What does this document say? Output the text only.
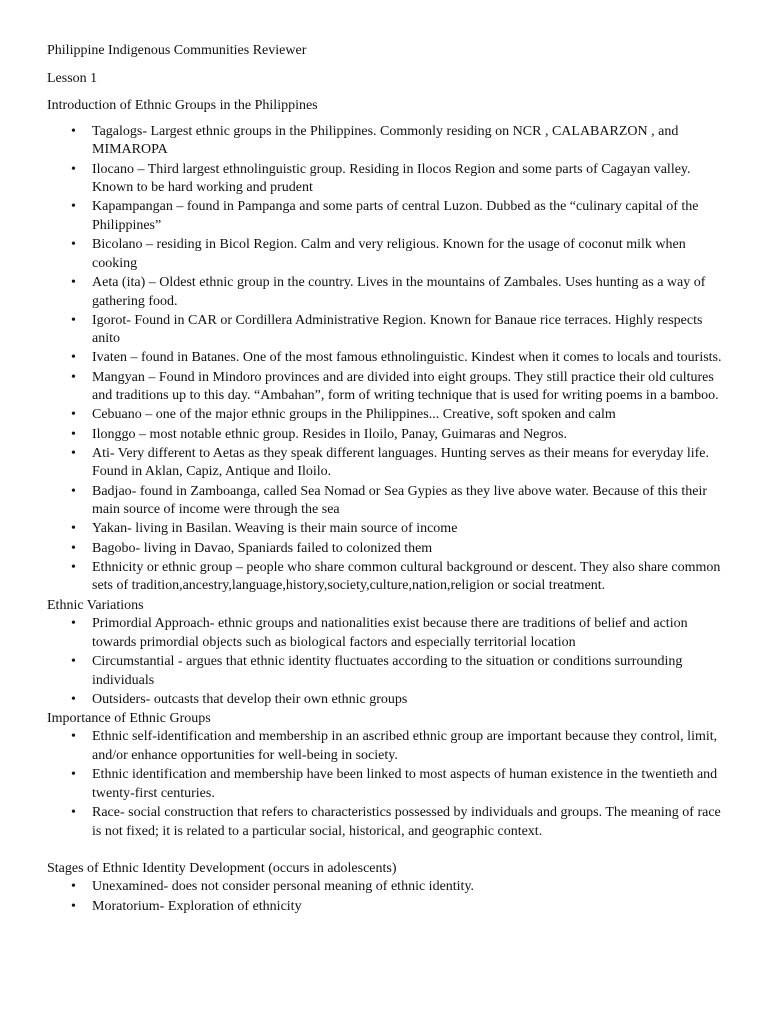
Philippine Indigenous Communities Reviewer

Lesson 1

Introduction of Ethnic Groups in the Philippines

• Tagalogs- Largest ethnic groups in the Philippines. Commonly residing on NCR , CALABARZON , and MIMAROPA
• Ilocano – Third largest ethnolinguistic group. Residing in Ilocos Region and some parts of Cagayan valley. Known to be hard working and prudent
• Kapampangan – found in Pampanga and some parts of central Luzon. Dubbed as the “culinary capital of the Philippines”
• Bicolano – residing in Bicol Region. Calm and very religious. Known for the usage of coconut milk when cooking
• Aeta (ita) – Oldest ethnic group in the country. Lives in the mountains of Zambales. Uses hunting as a way of gathering food.
• Igorot- Found in CAR or Cordillera Administrative Region. Known for Banaue rice terraces. Highly respects anito
• Ivaten – found in Batanes. One of the most famous ethnolinguistic. Kindest when it comes to locals and tourists.
• Mangyan – Found in Mindoro provinces and are divided into eight groups. They still practice their old cultures and traditions up to this day. “Ambahan”, form of writing technique that is used for writing poems in a bamboo.
• Cebuano – one of the major ethnic groups in the Philippines... Creative, soft spoken and calm
• Ilonggo – most notable ethnic group. Resides in Iloilo, Panay, Guimaras and Negros.
• Ati- Very different to Aetas as they speak different languages. Hunting serves as their means for everyday life. Found in Aklan, Capiz, Antique and Iloilo.
• Badjao- found in Zamboanga, called Sea Nomad or Sea Gypies as they live above water. Because of this their main source of income were through the sea
• Yakan- living in Basilan. Weaving is their main source of income
• Bagobo- living in Davao, Spaniards failed to colonized them
• Ethnicity or ethnic group – people who share common cultural background or descent. They also share common sets of tradition,ancestry,language,history,society,culture,nation,religion or social treatment.

Ethnic Variations

• Primordial Approach- ethnic groups and nationalities exist because there are traditions of belief and action towards primordial objects such as biological factors and especially territorial location
• Circumstantial - argues that ethnic identity fluctuates according to the situation or conditions surrounding individuals
• Outsiders- outcasts that develop their own ethnic groups

Importance of Ethnic Groups

• Ethnic self-identification and membership in an ascribed ethnic group are important because they control, limit, and/or enhance opportunities for well-being in society.
• Ethnic identification and membership have been linked to most aspects of human existence in the twentieth and twenty-first centuries.
• Race- social construction that refers to characteristics possessed by individuals and groups. The meaning of race is not fixed; it is related to a particular social, historical, and geographic context.

Stages of Ethnic Identity Development (occurs in adolescents)

• Unexamined- does not consider personal meaning of ethnic identity.
• Moratorium- Exploration of ethnicity
